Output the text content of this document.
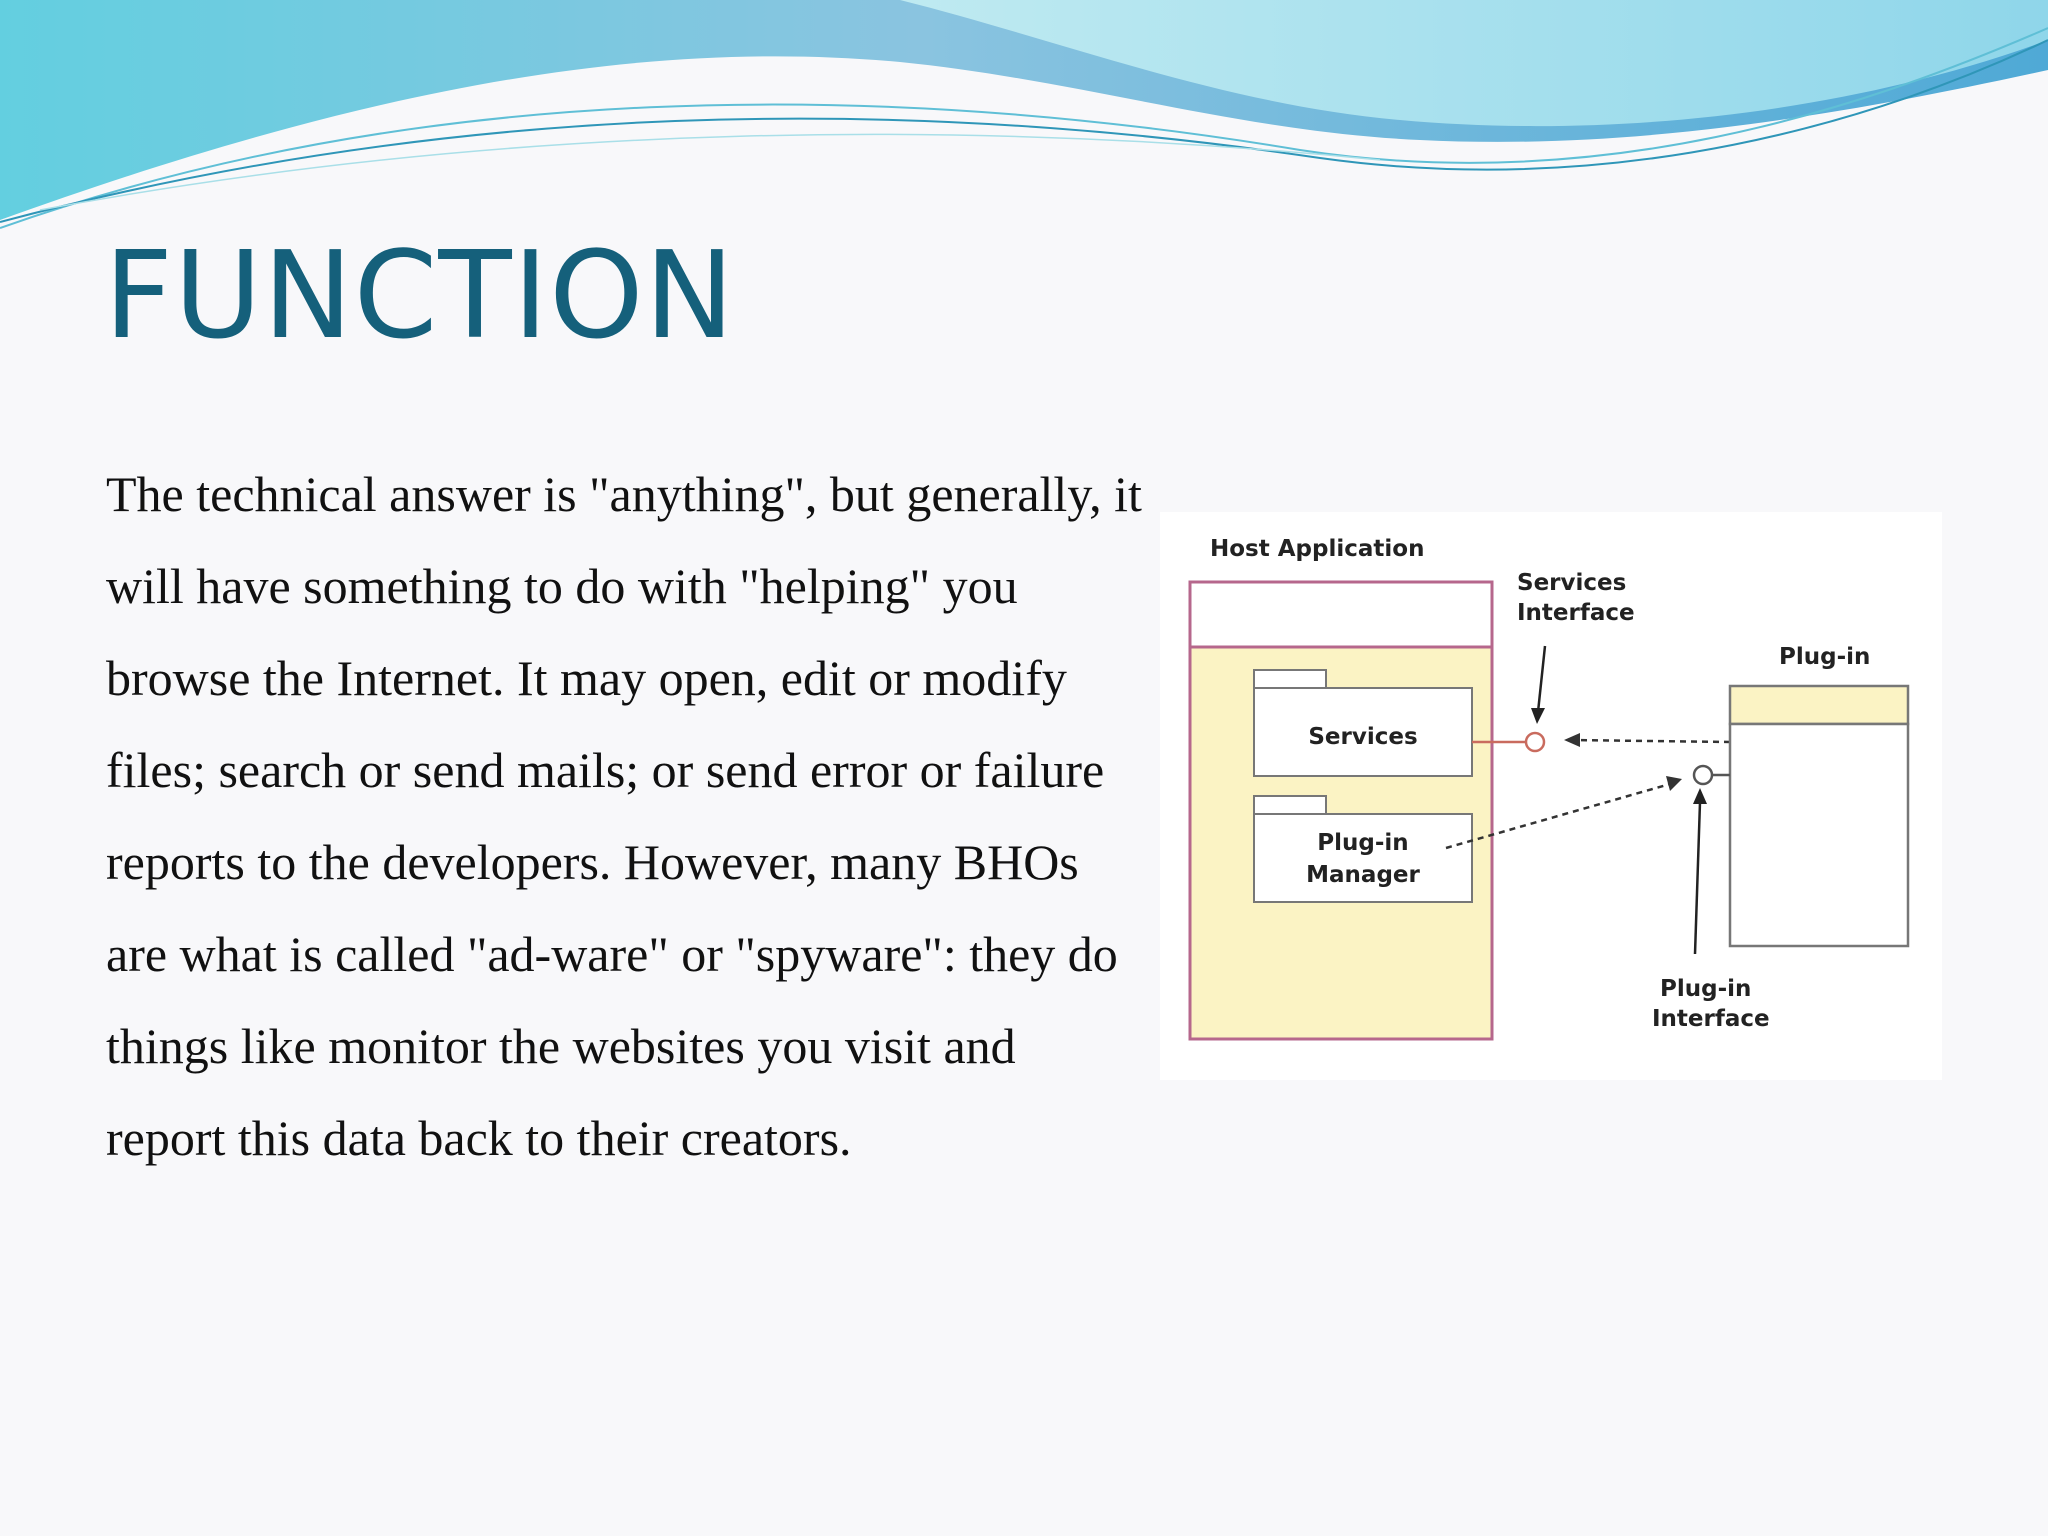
FUNCTION

The technical answer is "anything", but generally, it will have something to do with "helping" you browse the Internet. It may open, edit or modify files; search or send mails; or send error or failure reports to the developers. However, many BHOs are what is called "ad-ware" or "spyware": they do things like monitor the websites you visit and report this data back to their creators.

Host Application
Services
Plug-in
Manager
Services
Interface
Plug-in
Plug-in
Interface
